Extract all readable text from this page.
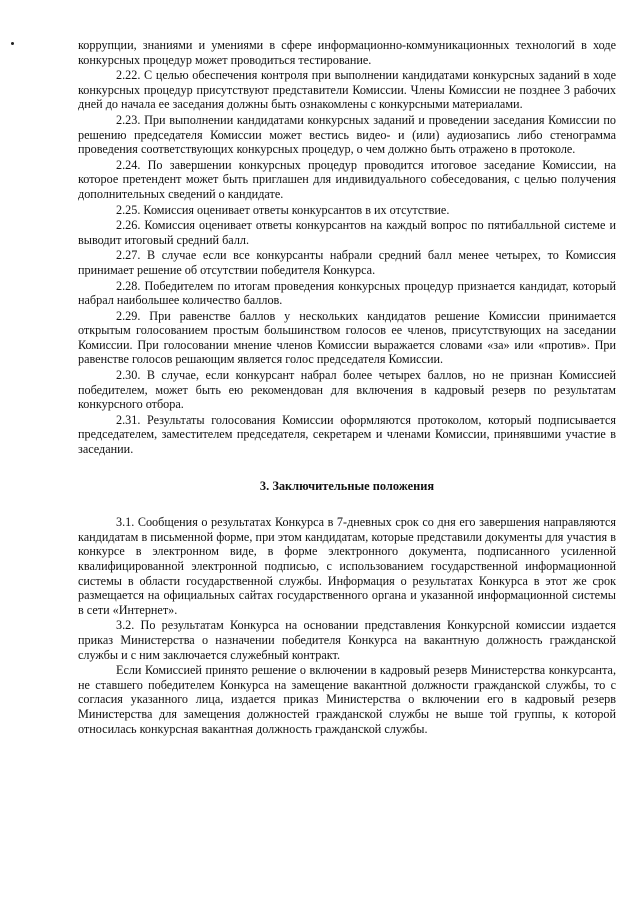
коррупции, знаниями и умениями в сфере информационно-коммуникационных технологий в ходе конкурсных процедур может проводиться тестирование.

2.22. С целью обеспечения контроля при выполнении кандидатами конкурсных заданий в ходе конкурсных процедур присутствуют представители Комиссии. Члены Комиссии не позднее 3 рабочих дней до начала ее заседания должны быть ознакомлены с конкурсными материалами.

2.23. При выполнении кандидатами конкурсных заданий и проведении заседания Комиссии по решению председателя Комиссии может вестись видео- и (или) аудиозапись либо стенограмма проведения соответствующих конкурсных процедур, о чем должно быть отражено в протоколе.

2.24. По завершении конкурсных процедур проводится итоговое заседание Комиссии, на которое претендент может быть приглашен для индивидуального собеседования, с целью получения дополнительных сведений о кандидате.

2.25. Комиссия оценивает ответы конкурсантов в их отсутствие.

2.26. Комиссия оценивает ответы конкурсантов на каждый вопрос по пятибалльной системе и выводит итоговый средний балл.

2.27. В случае если все конкурсанты набрали средний балл менее четырех, то Комиссия принимает решение об отсутствии победителя Конкурса.

2.28. Победителем по итогам проведения конкурсных процедур признается кандидат, который набрал наибольшее количество баллов.

2.29. При равенстве баллов у нескольких кандидатов решение Комиссии принимается открытым голосованием простым большинством голосов ее членов, присутствующих на заседании Комиссии. При голосовании мнение членов Комиссии выражается словами «за» или «против». При равенстве голосов решающим является голос председателя Комиссии.

2.30. В случае, если конкурсант набрал более четырех баллов, но не признан Комиссией победителем, может быть ею рекомендован для включения в кадровый резерв по результатам конкурсного отбора.

2.31. Результаты голосования Комиссии оформляются протоколом, который подписывается председателем, заместителем председателя, секретарем и членами Комиссии, принявшими участие в заседании.

3. Заключительные положения

3.1. Сообщения о результатах Конкурса в 7-дневных срок со дня его завершения направляются кандидатам в письменной форме, при этом кандидатам, которые представили документы для участия в конкурсе в электронном виде, в форме электронного документа, подписанного усиленной квалифицированной электронной подписью, с использованием государственной информационной системы в области государственной службы. Информация о результатах Конкурса в этот же срок размещается на официальных сайтах государственного органа и указанной информационной системы в сети «Интернет».

3.2. По результатам Конкурса на основании представления Конкурсной комиссии издается приказ Министерства о назначении победителя Конкурса на вакантную должность гражданской службы и с ним заключается служебный контракт.

Если Комиссией принято решение о включении в кадровый резерв Министерства конкурсанта, не ставшего победителем Конкурса на замещение вакантной должности гражданской службы, то с согласия указанного лица, издается приказ Министерства о включении его в кадровый резерв Министерства для замещения должностей гражданской службы не выше той группы, к которой относилась конкурсная вакантная должность гражданской службы.
